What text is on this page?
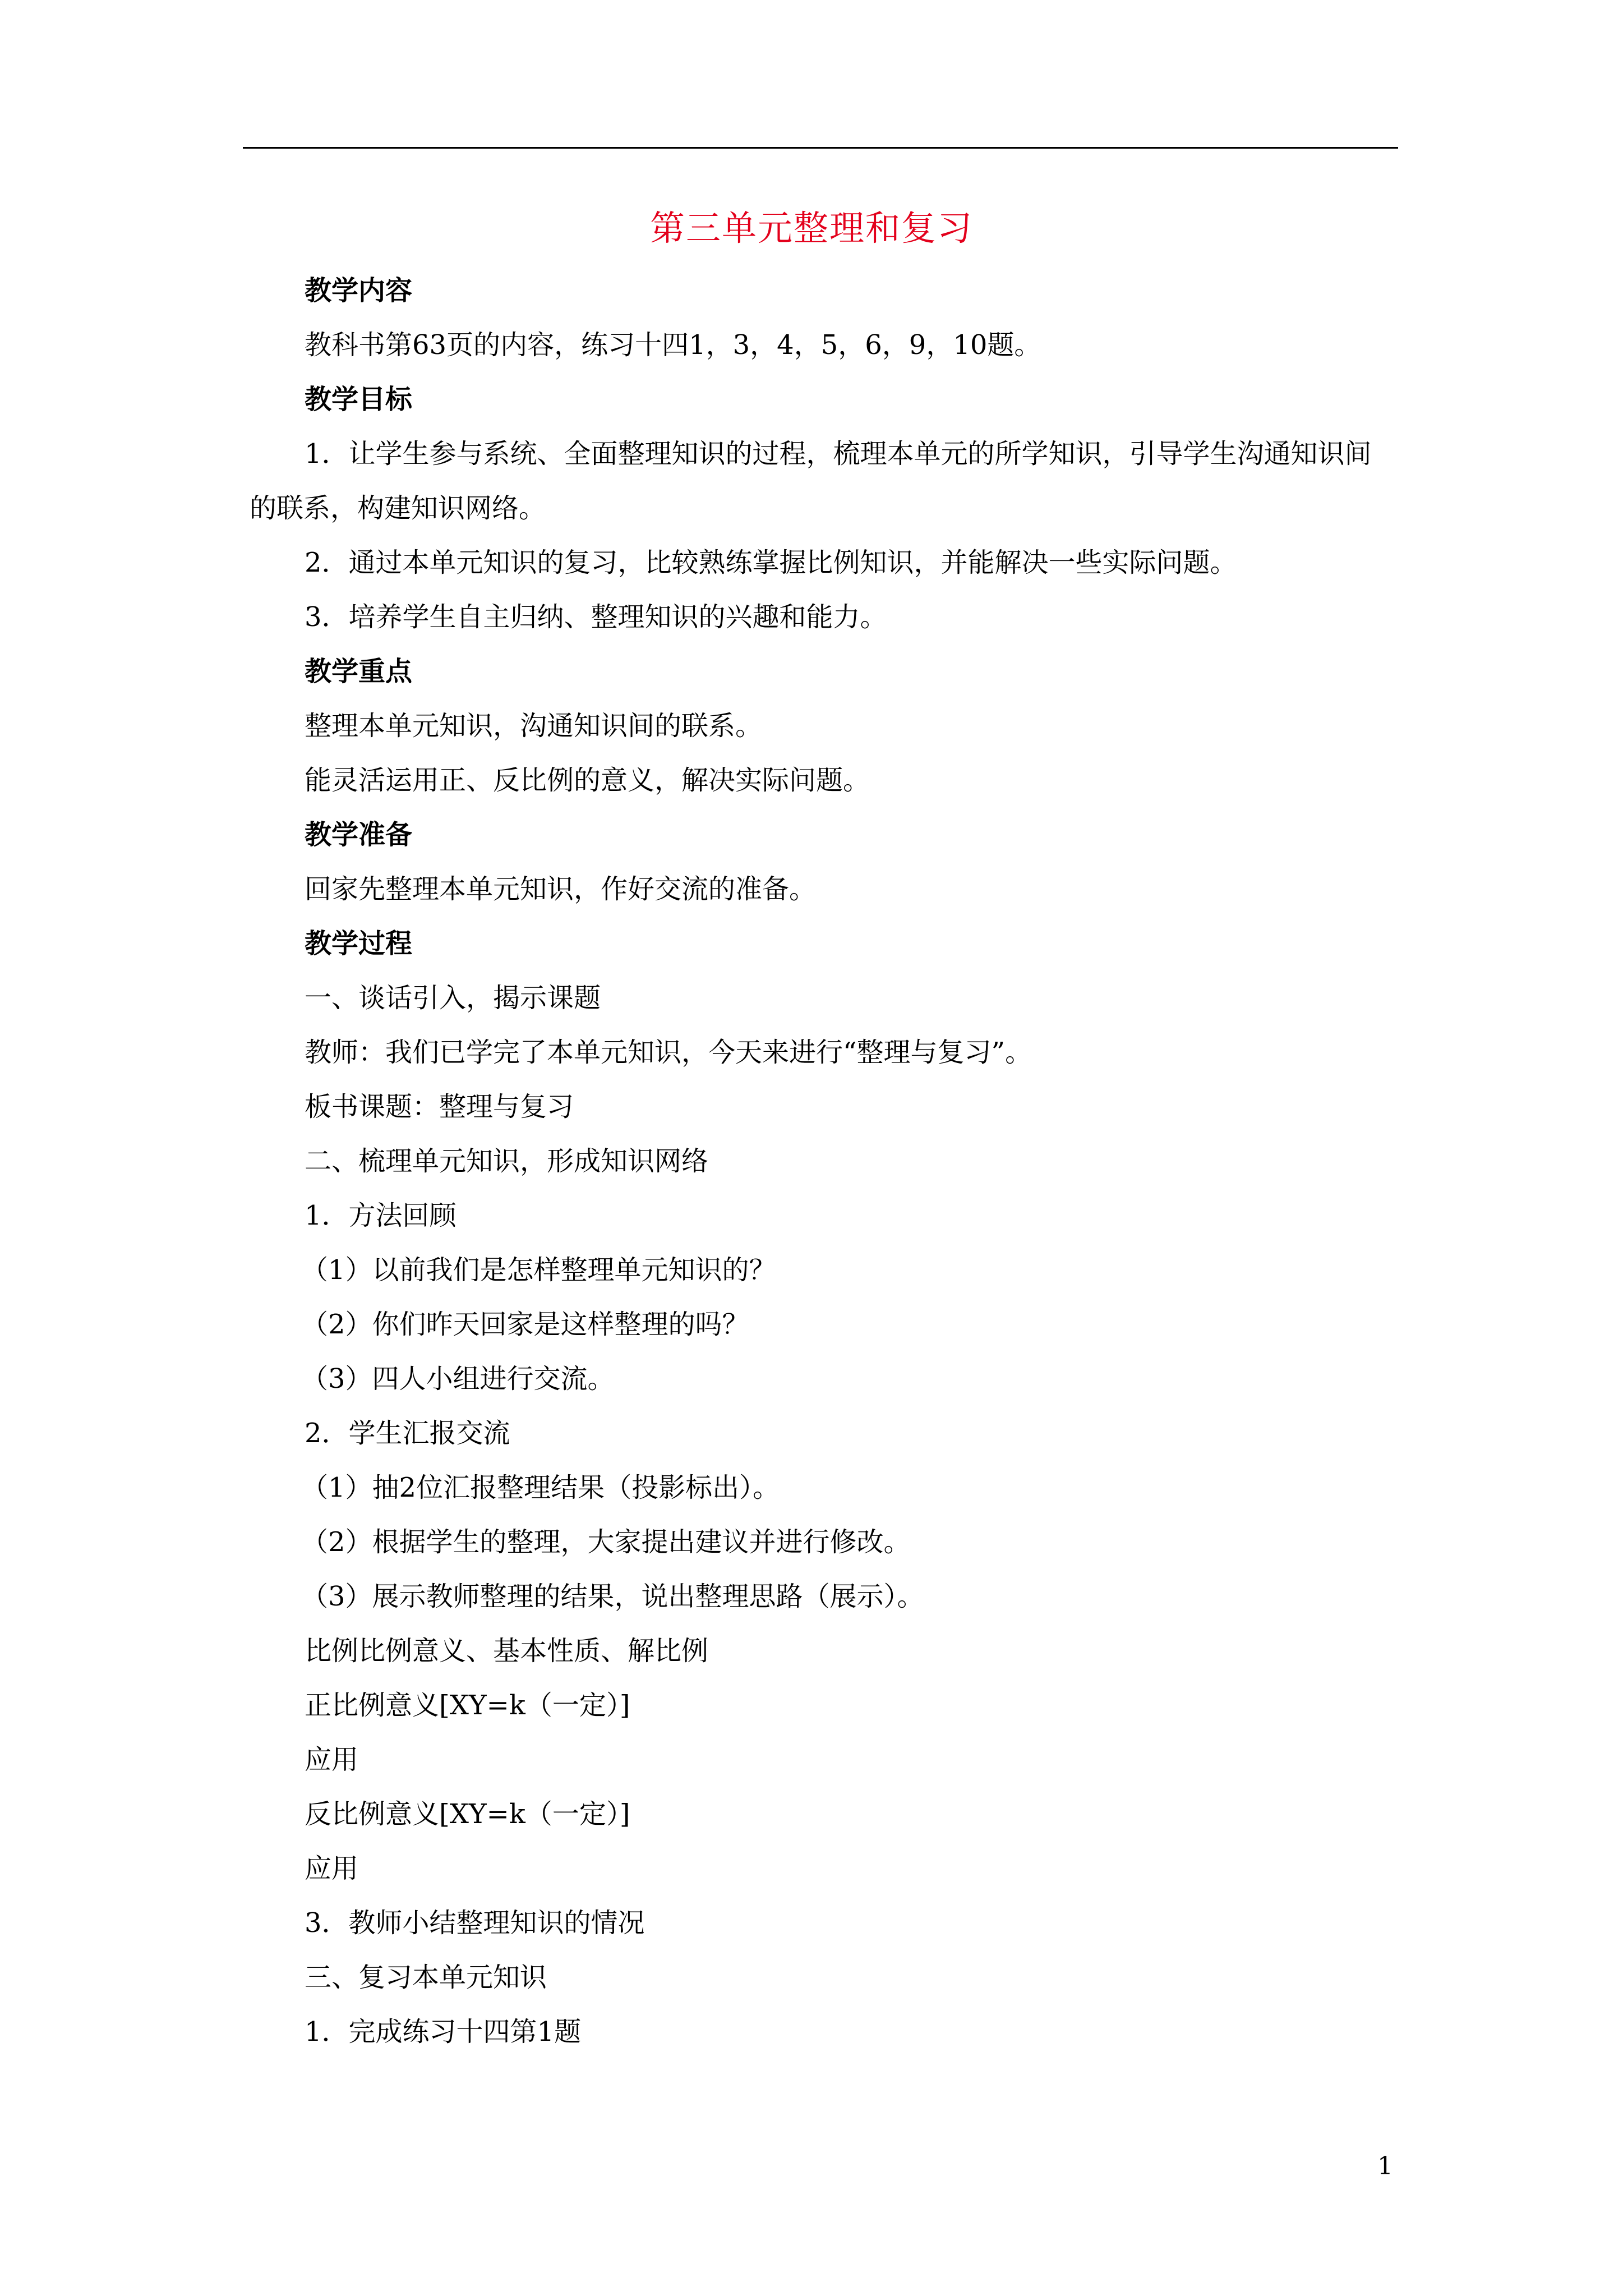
第三单元整理和复习
教学内容
教科书第63页的内容，练习十四1，3，4，5，6，9，10题。
教学目标
1．让学生参与系统、全面整理知识的过程，梳理本单元的所学知识，引导学生沟通知识间的联系，构建知识网络。
2．通过本单元知识的复习，比较熟练掌握比例知识，并能解决一些实际问题。
3．培养学生自主归纳、整理知识的兴趣和能力。
教学重点
整理本单元知识，沟通知识间的联系。
能灵活运用正、反比例的意义，解决实际问题。
教学准备
回家先整理本单元知识，作好交流的准备。
教学过程
一、谈话引入，揭示课题
教师：我们已学完了本单元知识，今天来进行“整理与复习”。
板书课题：整理与复习
二、梳理单元知识，形成知识网络
1．方法回顾
（1）以前我们是怎样整理单元知识的？
（2）你们昨天回家是这样整理的吗？
（3）四人小组进行交流。
2．学生汇报交流
（1）抽2位汇报整理结果（投影标出）。
（2）根据学生的整理，大家提出建议并进行修改。
（3）展示教师整理的结果，说出整理思路（展示）。
比例比例意义、基本性质、解比例
正比例意义[XY=k（一定）]
应用
反比例意义[XY=k（一定）]
应用
3．教师小结整理知识的情况
三、复习本单元知识
1．完成练习十四第1题
1
